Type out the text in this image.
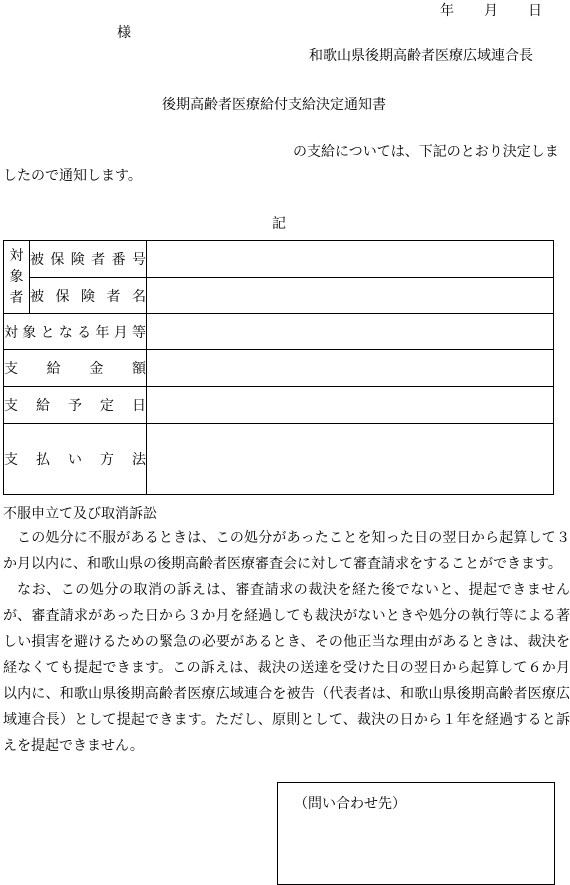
年 月 日
様
和歌山県後期高齢者医療広域連合長
後期高齢者医療給付支給決定通知書
の支給については、下記のとおり決定しま
したので通知します。
記
対象者	被保険者番号	
	被保険者名	
対象となる年月等		
支給金額		
支給予定日		
支払い方法		
不服申立て及び取消訴訟

この処分に不服があるときは、この処分があったことを知った日の翌日から起算して３か月以内に、和歌山県の後期高齢者医療審査会に対して審査請求をすることができます。

なお、この処分の取消の訴えは、審査請求の裁決を経た後でないと、提起できませんが、審査請求があった日から３か月を経過しても裁決がないときや処分の執行等による著しい損害を避けるための緊急の必要があるとき、その他正当な理由があるときは、裁決を経なくても提起できます。この訴えは、裁決の送達を受けた日の翌日から起算して６か月以内に、和歌山県後期高齢者医療広域連合を被告（代表者は、和歌山県後期高齢者医療広域連合長）として提起できます。ただし、原則として、裁決の日から１年を経過すると訴えを提起できません。

（問い合わせ先）
